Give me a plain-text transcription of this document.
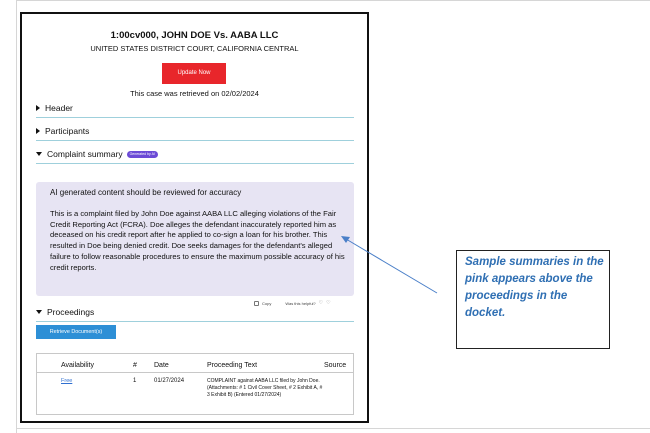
1:00cv000, JOHN DOE Vs. AABA LLC
UNITED STATES DISTRICT COURT, CALIFORNIA CENTRAL
Update Now
This case was retrieved on 02/02/2024
Header
Participants
Complaint summary	Generated by AI
AI generated content should be reviewed for accuracy
This is a complaint filed by John Doe against AABA LLC alleging violations of the Fair Credit Reporting Act (FCRA). Doe alleges the defendant inaccurately reported him as deceased on his credit report after he applied to co-sign a loan for his brother. This resulted in Doe being denied credit. Doe seeks damages for the defendant's alleged failure to follow reasonable procedures to ensure the maximum possible accuracy of his credit reports.
Copy	Was this helpful? ♡ ♡
Proceedings
Retrieve Document(s)
Availability	# Date	Proceeding Text	Source
Free	1	01/27/2024	COMPLAINT against AABA LLC filed by John Doe. (Attachments: # 1 Civil Cover Sheet, # 2 Exhibit A, # 3 Exhibit B) (Entered 01/27/2024)
Sample summaries in the pink appears above the proceedings in the docket.
